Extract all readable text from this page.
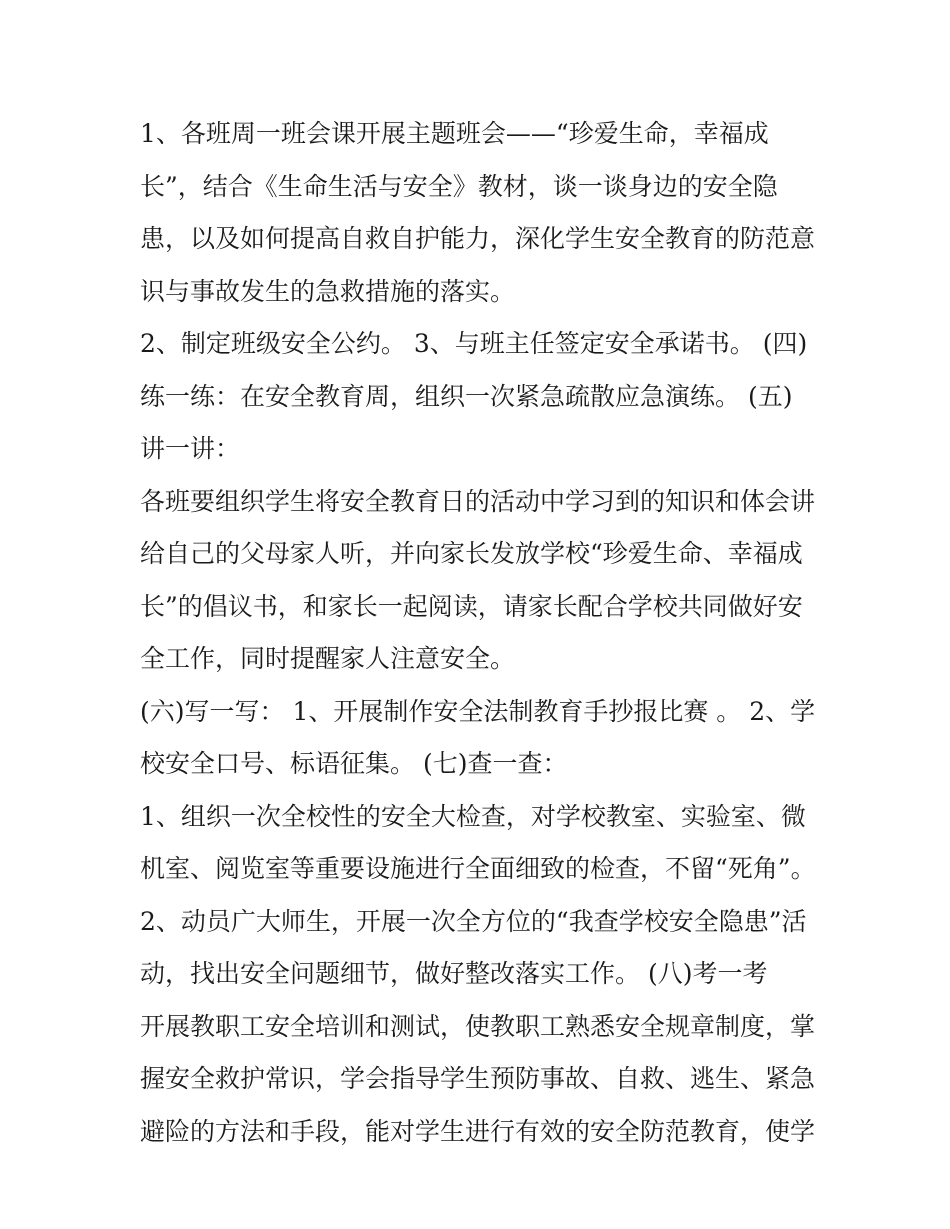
1、各班周一班会课开展主题班会——“珍爱生命，幸福成
长”，结合《生命生活与安全》教材，谈一谈身边的安全隐
患，以及如何提高自救自护能力，深化学生安全教育的防范意
识与事故发生的急救措施的落实。
2、制定班级安全公约。 3、与班主任签定安全承诺书。 (四)
练一练：在安全教育周，组织一次紧急疏散应急演练。 (五)
讲一讲：
各班要组织学生将安全教育日的活动中学习到的知识和体会讲
给自己的父母家人听，并向家长发放学校“珍爱生命、幸福成
长”的倡议书，和家长一起阅读，请家长配合学校共同做好安
全工作，同时提醒家人注意安全。
(六)写一写： 1、开展制作安全法制教育手抄报比赛 。 2、学
校安全口号、标语征集。 (七)查一查：
1、组织一次全校性的安全大检查，对学校教室、实验室、微
机室、阅览室等重要设施进行全面细致的检查，不留“死角”。
2、动员广大师生，开展一次全方位的“我查学校安全隐患”活
动，找出安全问题细节，做好整改落实工作。 (八)考一考
开展教职工安全培训和测试，使教职工熟悉安全规章制度，掌
握安全救护常识，学会指导学生预防事故、自救、逃生、紧急
避险的方法和手段，能对学生进行有效的安全防范教育，使学
